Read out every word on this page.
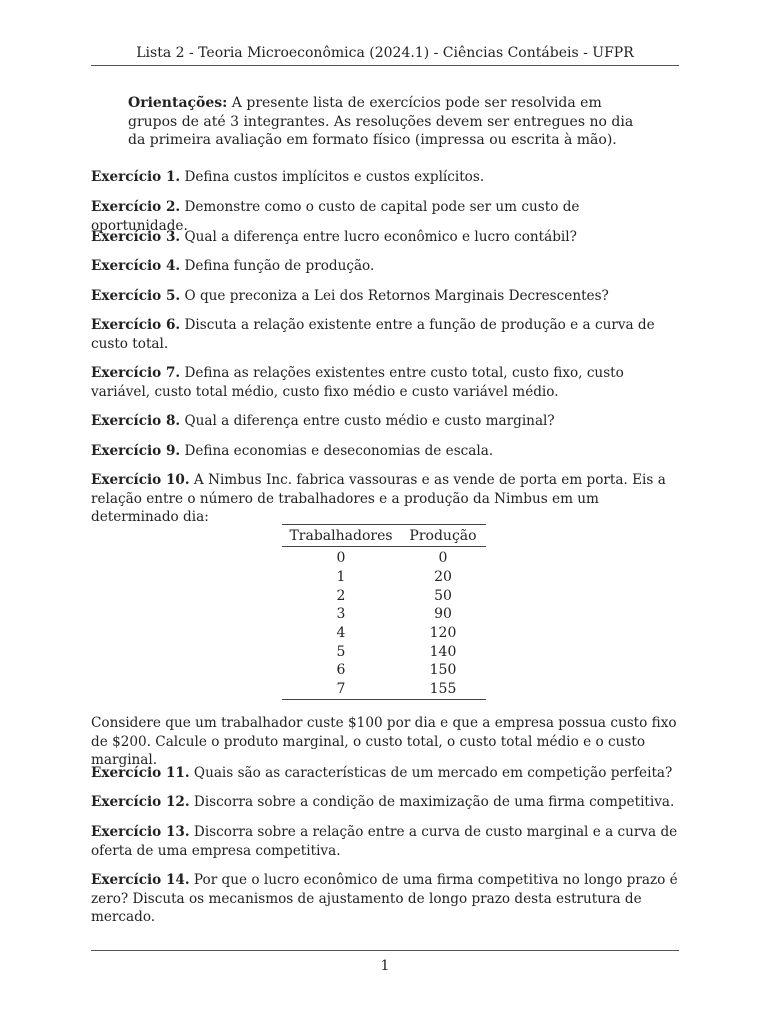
Lista 2 - Teoria Microeconômica (2024.1) - Ciências Contábeis - UFPR
Orientações: A presente lista de exercícios pode ser resolvida em grupos de até 3 integrantes. As resoluções devem ser entregues no dia da primeira avaliação em formato físico (impressa ou escrita à mão).
Exercício 1. Defina custos implícitos e custos explícitos.
Exercício 2. Demonstre como o custo de capital pode ser um custo de oportunidade.
Exercício 3. Qual a diferença entre lucro econômico e lucro contábil?
Exercício 4. Defina função de produção.
Exercício 5. O que preconiza a Lei dos Retornos Marginais Decrescentes?
Exercício 6. Discuta a relação existente entre a função de produção e a curva de custo total.
Exercício 7. Defina as relações existentes entre custo total, custo fixo, custo variável, custo total médio, custo fixo médio e custo variável médio.
Exercício 8. Qual a diferença entre custo médio e custo marginal?
Exercício 9. Defina economias e deseconomias de escala.
Exercício 10. A Nimbus Inc. fabrica vassouras e as vende de porta em porta. Eis a relação entre o número de trabalhadores e a produção da Nimbus em um determinado dia:
Trabalhadores	Produção
0	0
1	20
2	50
3	90
4	120
5	140
6	150
7	155
Considere que um trabalhador custe $100 por dia e que a empresa possua custo fixo de $200. Calcule o produto marginal, o custo total, o custo total médio e o custo marginal.
Exercício 11. Quais são as características de um mercado em competição perfeita?
Exercício 12. Discorra sobre a condição de maximização de uma firma competitiva.
Exercício 13. Discorra sobre a relação entre a curva de custo marginal e a curva de oferta de uma empresa competitiva.
Exercício 14. Por que o lucro econômico de uma firma competitiva no longo prazo é zero? Discuta os mecanismos de ajustamento de longo prazo desta estrutura de mercado.
1
